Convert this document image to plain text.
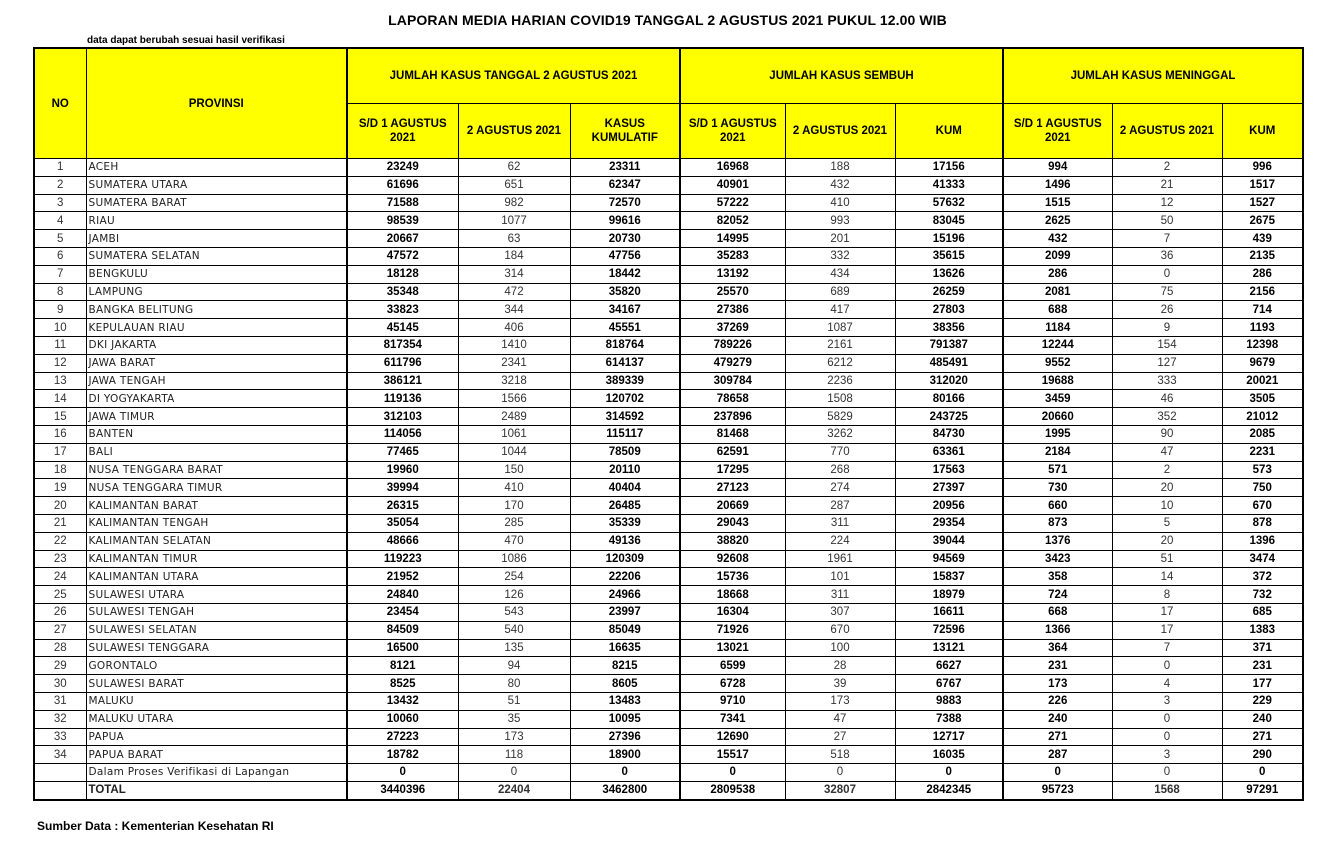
LAPORAN MEDIA HARIAN COVID19 TANGGAL 2 AGUSTUS 2021 PUKUL 12.00 WIB
data dapat berubah sesuai hasil verifikasi
NO	PROVINSI	JUMLAH KASUS TANGGAL 2 AGUSTUS 2021			JUMLAH KASUS SEMBUH			JUMLAH KASUS MENINGGAL		
		S/D 1 AGUSTUS 2021	2 AGUSTUS 2021	KASUS KUMULATIF	S/D 1 AGUSTUS 2021	2 AGUSTUS 2021	KUM	S/D 1 AGUSTUS 2021	2 AGUSTUS 2021	KUM
1	ACEH	23249	62	23311	16968	188	17156	994	2	996
2	SUMATERA UTARA	61696	651	62347	40901	432	41333	1496	21	1517
3	SUMATERA BARAT	71588	982	72570	57222	410	57632	1515	12	1527
4	RIAU	98539	1077	99616	82052	993	83045	2625	50	2675
5	JAMBI	20667	63	20730	14995	201	15196	432	7	439
6	SUMATERA SELATAN	47572	184	47756	35283	332	35615	2099	36	2135
7	BENGKULU	18128	314	18442	13192	434	13626	286	0	286
8	LAMPUNG	35348	472	35820	25570	689	26259	2081	75	2156
9	BANGKA BELITUNG	33823	344	34167	27386	417	27803	688	26	714
10	KEPULAUAN RIAU	45145	406	45551	37269	1087	38356	1184	9	1193
11	DKI JAKARTA	817354	1410	818764	789226	2161	791387	12244	154	12398
12	JAWA BARAT	611796	2341	614137	479279	6212	485491	9552	127	9679
13	JAWA TENGAH	386121	3218	389339	309784	2236	312020	19688	333	20021
14	DI YOGYAKARTA	119136	1566	120702	78658	1508	80166	3459	46	3505
15	JAWA TIMUR	312103	2489	314592	237896	5829	243725	20660	352	21012
16	BANTEN	114056	1061	115117	81468	3262	84730	1995	90	2085
17	BALI	77465	1044	78509	62591	770	63361	2184	47	2231
18	NUSA TENGGARA BARAT	19960	150	20110	17295	268	17563	571	2	573
19	NUSA TENGGARA TIMUR	39994	410	40404	27123	274	27397	730	20	750
20	KALIMANTAN BARAT	26315	170	26485	20669	287	20956	660	10	670
21	KALIMANTAN TENGAH	35054	285	35339	29043	311	29354	873	5	878
22	KALIMANTAN SELATAN	48666	470	49136	38820	224	39044	1376	20	1396
23	KALIMANTAN TIMUR	119223	1086	120309	92608	1961	94569	3423	51	3474
24	KALIMANTAN UTARA	21952	254	22206	15736	101	15837	358	14	372
25	SULAWESI UTARA	24840	126	24966	18668	311	18979	724	8	732
26	SULAWESI TENGAH	23454	543	23997	16304	307	16611	668	17	685
27	SULAWESI SELATAN	84509	540	85049	71926	670	72596	1366	17	1383
28	SULAWESI TENGGARA	16500	135	16635	13021	100	13121	364	7	371
29	GORONTALO	8121	94	8215	6599	28	6627	231	0	231
30	SULAWESI BARAT	8525	80	8605	6728	39	6767	173	4	177
31	MALUKU	13432	51	13483	9710	173	9883	226	3	229
32	MALUKU UTARA	10060	35	10095	7341	47	7388	240	0	240
33	PAPUA	27223	173	27396	12690	27	12717	271	0	271
34	PAPUA BARAT	18782	118	18900	15517	518	16035	287	3	290
	Dalam Proses Verifikasi di Lapangan	0	0	0	0	0	0	0	0	0
	TOTAL	3440396	22404	3462800	2809538	32807	2842345	95723	1568	97291
Sumber Data : Kementerian Kesehatan RI
